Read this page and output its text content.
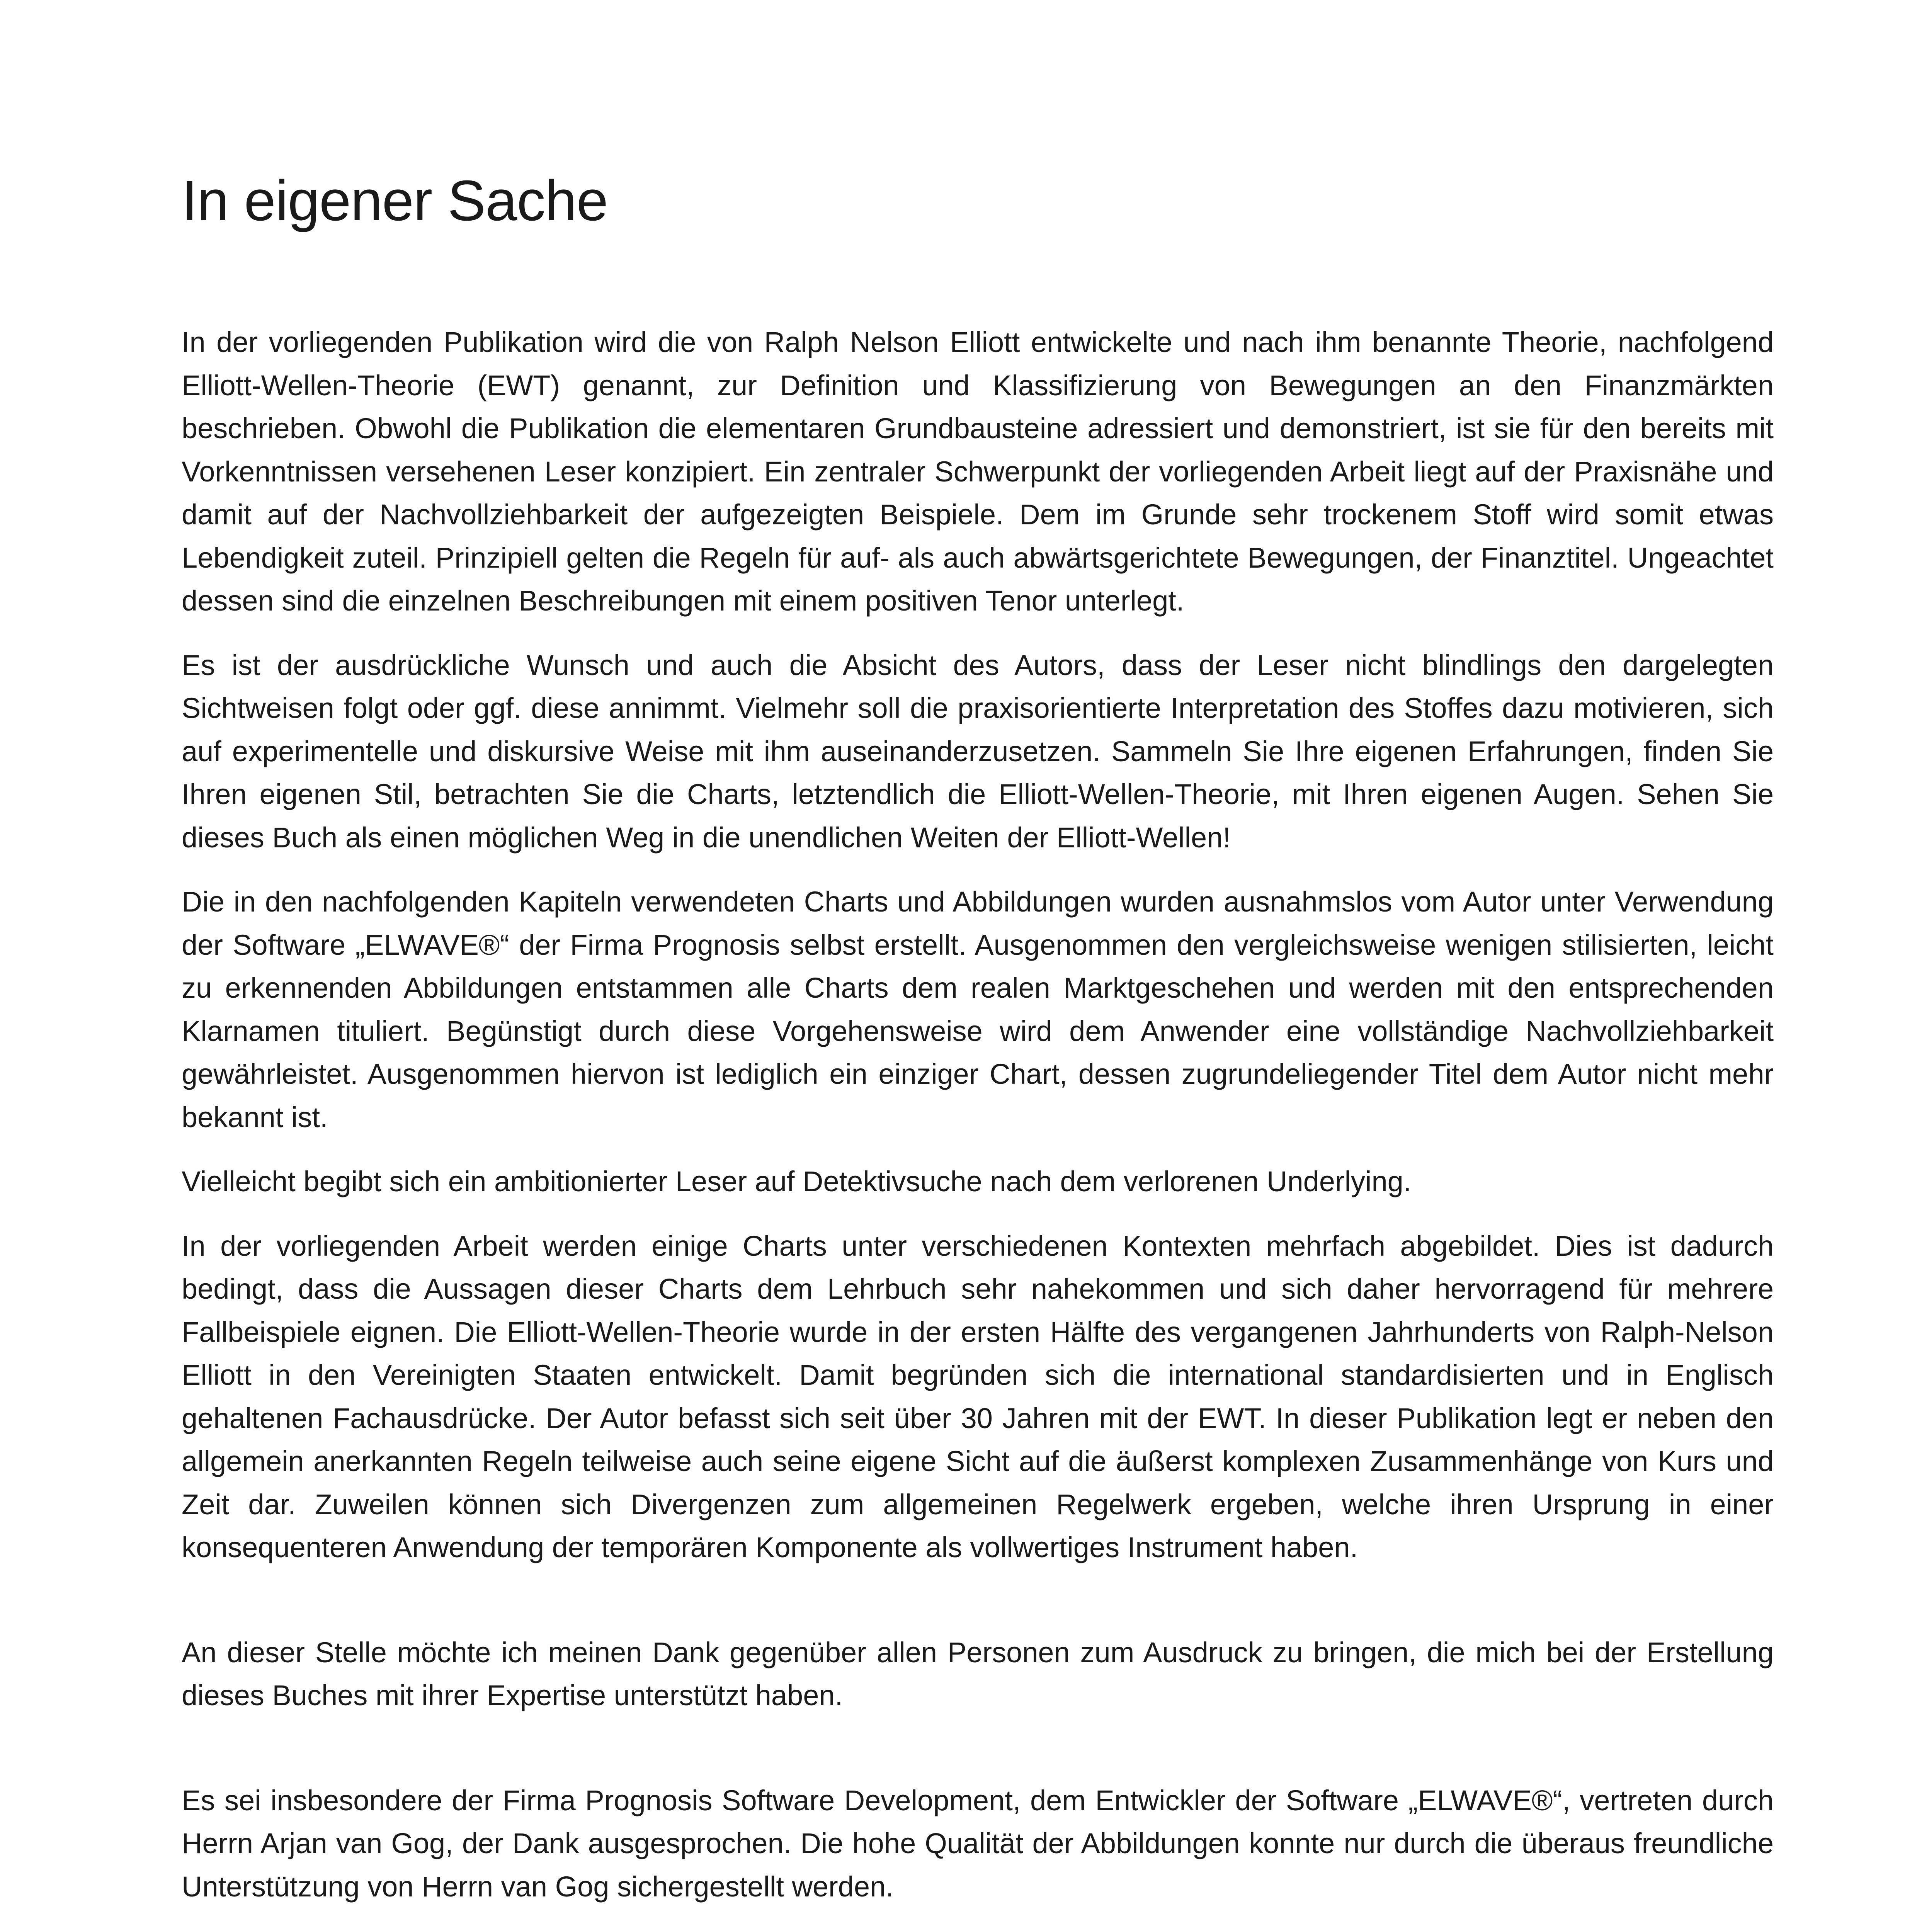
In eigener Sache

In der vorliegenden Publikation wird die von Ralph Nelson Elliott entwickelte und nach ihm benannte Theorie, nachfolgend Elliott-Wellen-Theorie (EWT) genannt, zur Definition und Klassifizierung von Bewegungen an den Finanzmärkten beschrieben. Obwohl die Publikation die elementaren Grundbausteine adressiert und demonstriert, ist sie für den bereits mit Vorkenntnissen versehenen Leser konzipiert. Ein zentraler Schwerpunkt der vorliegenden Arbeit liegt auf der Praxisnähe und damit auf der Nachvollziehbarkeit der aufgezeigten Beispiele. Dem im Grunde sehr trockenem Stoff wird somit etwas Lebendigkeit zuteil. Prinzipiell gelten die Regeln für auf- als auch abwärtsgerichtete Bewegungen, der Finanztitel. Ungeachtet dessen sind die einzelnen Beschreibungen mit einem positiven Tenor unterlegt.

Es ist der ausdrückliche Wunsch und auch die Absicht des Autors, dass der Leser nicht blindlings den dargelegten Sichtweisen folgt oder ggf. diese annimmt. Vielmehr soll die praxisorientierte Interpretation des Stoffes dazu motivieren, sich auf experimentelle und diskursive Weise mit ihm auseinanderzusetzen. Sammeln Sie Ihre eigenen Erfahrungen, finden Sie Ihren eigenen Stil, betrachten Sie die Charts, letztendlich die Elliott-Wellen-Theorie, mit Ihren eigenen Augen. Sehen Sie dieses Buch als einen möglichen Weg in die unendlichen Weiten der Elliott-Wellen!

Die in den nachfolgenden Kapiteln verwendeten Charts und Abbildungen wurden ausnahmslos vom Autor unter Verwendung der Software „ELWAVE®“ der Firma Prognosis selbst erstellt. Ausgenommen den vergleichsweise wenigen stilisierten, leicht zu erkennenden Abbildungen entstammen alle Charts dem realen Marktgeschehen und werden mit den entsprechenden Klarnamen tituliert. Begünstigt durch diese Vorgehensweise wird dem Anwender eine vollständige Nachvollziehbarkeit gewährleistet. Ausgenommen hiervon ist lediglich ein einziger Chart, dessen zugrundeliegender Titel dem Autor nicht mehr bekannt ist.

Vielleicht begibt sich ein ambitionierter Leser auf Detektivsuche nach dem verlorenen Underlying.

In der vorliegenden Arbeit werden einige Charts unter verschiedenen Kontexten mehrfach abgebildet. Dies ist dadurch bedingt, dass die Aussagen dieser Charts dem Lehrbuch sehr nahekommen und sich daher hervorragend für mehrere Fallbeispiele eignen. Die Elliott-Wellen-Theorie wurde in der ersten Hälfte des vergangenen Jahrhunderts von Ralph-Nelson Elliott in den Vereinigten Staaten entwickelt. Damit begründen sich die international standardisierten und in Englisch gehaltenen Fachausdrücke. Der Autor befasst sich seit über 30 Jahren mit der EWT. In dieser Publikation legt er neben den allgemein anerkannten Regeln teilweise auch seine eigene Sicht auf die äußerst komplexen Zusammenhänge von Kurs und Zeit dar. Zuweilen können sich Divergenzen zum allgemeinen Regelwerk ergeben, welche ihren Ursprung in einer konsequenteren Anwendung der temporären Komponente als vollwertiges Instrument haben.

An dieser Stelle möchte ich meinen Dank gegenüber allen Personen zum Ausdruck zu bringen, die mich bei der Erstellung dieses Buches mit ihrer Expertise unterstützt haben.

Es sei insbesondere der Firma Prognosis Software Development, dem Entwickler der Software „ELWAVE®“, vertreten durch Herrn Arjan van Gog, der Dank ausgesprochen. Die hohe Qualität der Abbildungen konnte nur durch die überaus freundliche Unterstützung von Herrn van Gog sichergestellt werden.
